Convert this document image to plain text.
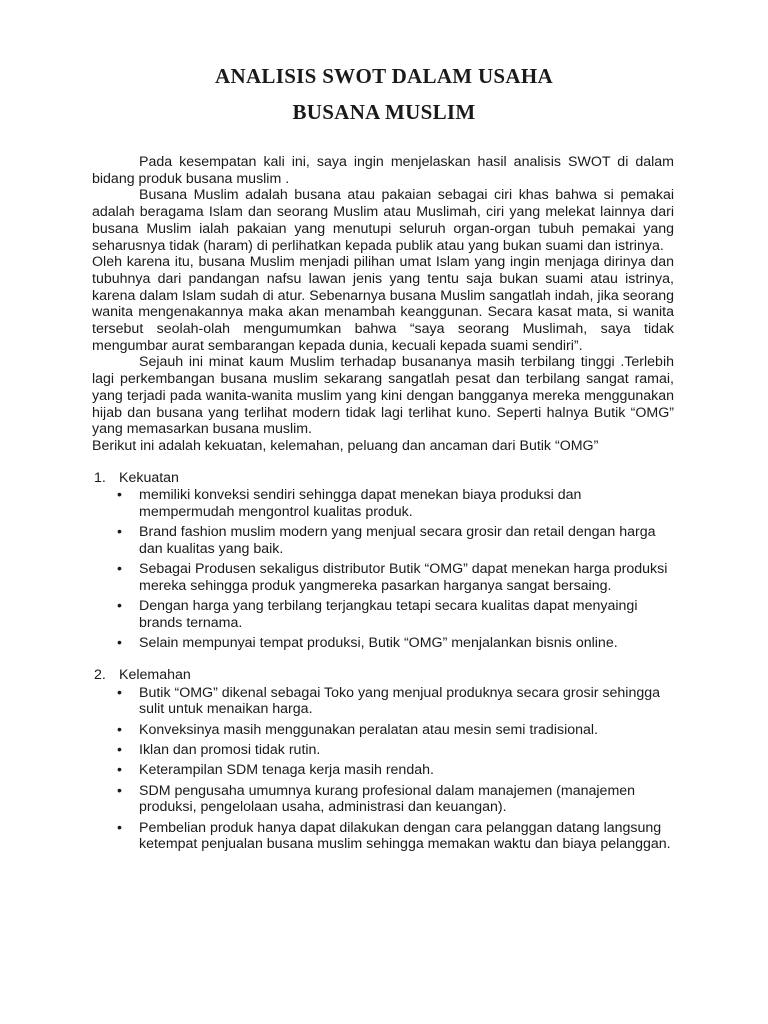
ANALISIS SWOT DALAM USAHA
BUSANA MUSLIM

Pada kesempatan kali ini, saya ingin menjelaskan hasil analisis SWOT di dalam bidang produk busana muslim .

Busana Muslim adalah busana atau pakaian sebagai ciri khas bahwa si pemakai adalah beragama Islam dan seorang Muslim atau Muslimah, ciri yang melekat lainnya dari busana Muslim ialah pakaian yang menutupi seluruh organ-organ tubuh pemakai yang seharusnya tidak (haram) di perlihatkan kepada publik atau yang bukan suami dan istrinya.

Oleh karena itu, busana Muslim menjadi pilihan umat Islam yang ingin menjaga dirinya dan tubuhnya dari pandangan nafsu lawan jenis yang tentu saja bukan suami atau istrinya, karena dalam Islam sudah di atur. Sebenarnya busana Muslim sangatlah indah, jika seorang wanita mengenakannya maka akan menambah keanggunan. Secara kasat mata, si wanita tersebut seolah-olah mengumumkan bahwa “saya seorang Muslimah, saya tidak mengumbar aurat sembarangan kepada dunia, kecuali kepada suami sendiri”.

Sejauh ini minat kaum Muslim terhadap busananya masih terbilang tinggi .Terlebih lagi perkembangan busana muslim sekarang sangatlah pesat dan terbilang sangat ramai, yang terjadi pada wanita-wanita muslim yang kini dengan bangganya mereka menggunakan hijab dan busana yang terlihat modern tidak lagi terlihat kuno. Seperti halnya Butik “OMG” yang memasarkan busana muslim.

Berikut ini adalah kekuatan, kelemahan, peluang dan ancaman dari Butik “OMG”

1. Kekuatan
• memiliki konveksi sendiri sehingga dapat menekan biaya produksi dan mempermudah mengontrol kualitas produk.
• Brand fashion muslim modern yang menjual secara grosir dan retail dengan harga dan kualitas yang baik.
• Sebagai Produsen sekaligus distributor Butik “OMG” dapat menekan harga produksi mereka sehingga produk yangmereka pasarkan harganya sangat bersaing.
• Dengan harga yang terbilang terjangkau tetapi secara kualitas dapat menyaingi brands ternama.
• Selain mempunyai tempat produksi, Butik “OMG” menjalankan bisnis online.
2. Kelemahan
• Butik “OMG” dikenal sebagai Toko yang menjual produknya secara grosir sehingga sulit untuk menaikan harga.
• Konveksinya masih menggunakan peralatan atau mesin semi tradisional.
• Iklan dan promosi tidak rutin.
• Keterampilan SDM tenaga kerja masih rendah.
• SDM pengusaha umumnya kurang profesional dalam manajemen (manajemen produksi, pengelolaan usaha, administrasi dan keuangan).
• Pembelian produk hanya dapat dilakukan dengan cara pelanggan datang langsung ketempat penjualan busana muslim sehingga memakan waktu dan biaya pelanggan.
